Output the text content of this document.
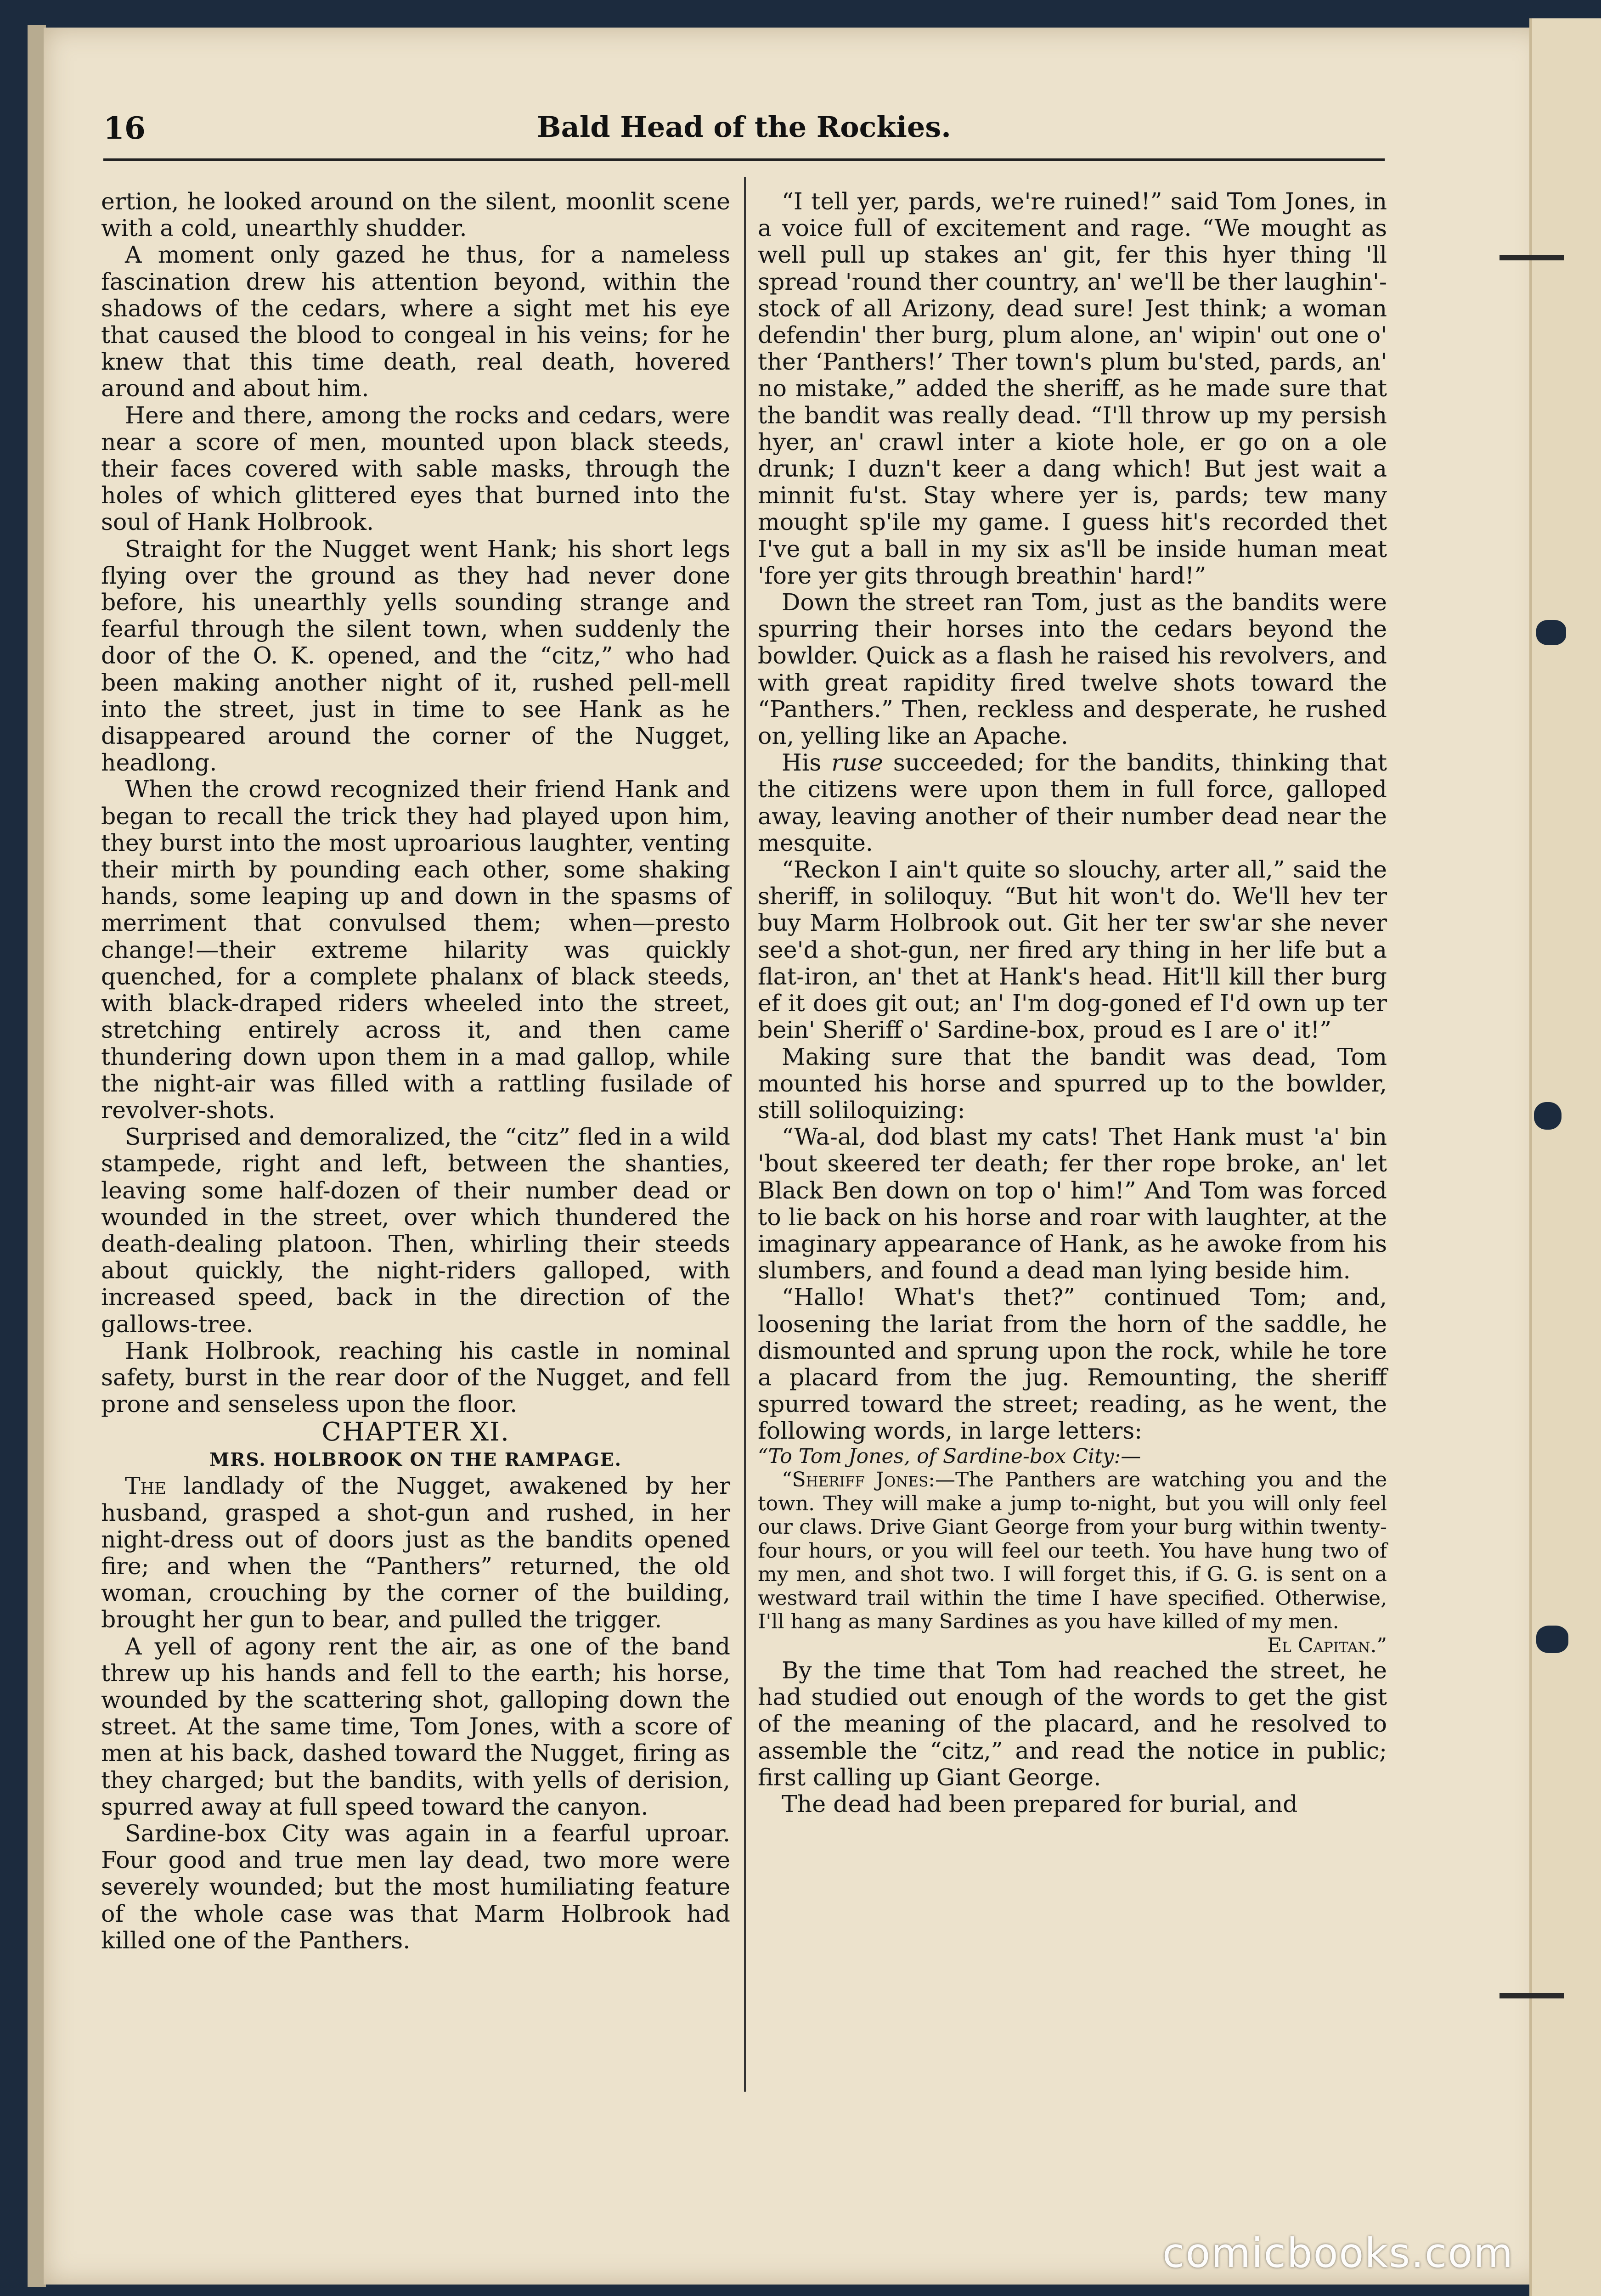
16	Bald Head of the Rockies.

ertion, he looked around on the silent, moonlit scene with a cold, unearthly shudder.

A moment only gazed he thus, for a nameless fascination drew his attention beyond, within the shadows of the cedars, where a sight met his eye that caused the blood to congeal in his veins; for he knew that this time death, real death, hovered around and about him.

Here and there, among the rocks and cedars, were near a score of men, mounted upon black steeds, their faces covered with sable masks, through the holes of which glittered eyes that burned into the soul of Hank Holbrook.

Straight for the Nugget went Hank; his short legs flying over the ground as they had never done before, his unearthly yells sounding strange and fearful through the silent town, when suddenly the door of the O. K. opened, and the “citz,” who had been making another night of it, rushed pell-mell into the street, just in time to see Hank as he disappeared around the corner of the Nugget, headlong.

When the crowd recognized their friend Hank and began to recall the trick they had played upon him, they burst into the most uproarious laughter, venting their mirth by pounding each other, some shaking hands, some leaping up and down in the spasms of merriment that convulsed them; when—presto change!—their extreme hilarity was quickly quenched, for a complete phalanx of black steeds, with black-draped riders wheeled into the street, stretching entirely across it, and then came thundering down upon them in a mad gallop, while the night-air was filled with a rattling fusilade of revolver-shots.

Surprised and demoralized, the “citz” fled in a wild stampede, right and left, between the shanties, leaving some half-dozen of their number dead or wounded in the street, over which thundered the death-dealing platoon. Then, whirling their steeds about quickly, the night-riders galloped, with increased speed, back in the direction of the gallows-tree.

Hank Holbrook, reaching his castle in nominal safety, burst in the rear door of the Nugget, and fell prone and senseless upon the floor.

CHAPTER XI.

MRS. HOLBROOK ON THE RAMPAGE.

The landlady of the Nugget, awakened by her husband, grasped a shot-gun and rushed, in her night-dress out of doors just as the bandits opened fire; and when the “Panthers” returned, the old woman, crouching by the corner of the building, brought her gun to bear, and pulled the trigger.

A yell of agony rent the air, as one of the band threw up his hands and fell to the earth; his horse, wounded by the scattering shot, galloping down the street. At the same time, Tom Jones, with a score of men at his back, dashed toward the Nugget, firing as they charged; but the bandits, with yells of derision, spurred away at full speed toward the canyon.

Sardine-box City was again in a fearful uproar. Four good and true men lay dead, two more were severely wounded; but the most humiliating feature of the whole case was that Marm Holbrook had killed one of the Panthers.

“I tell yer, pards, we're ruined!” said Tom Jones, in a voice full of excitement and rage. “We mought as well pull up stakes an' git, fer this hyer thing 'll spread 'round ther country, an' we'll be ther laughin'-stock of all Arizony, dead sure! Jest think; a woman defendin' ther burg, plum alone, an' wipin' out one o' ther ‘Panthers!’ Ther town's plum bu'sted, pards, an' no mistake,” added the sheriff, as he made sure that the bandit was really dead. “I'll throw up my persish hyer, an' crawl inter a kiote hole, er go on a ole drunk; I duzn't keer a dang which! But jest wait a minnit fu'st. Stay where yer is, pards; tew many mought sp'ile my game. I guess hit's recorded thet I've gut a ball in my six as'll be inside human meat 'fore yer gits through breathin' hard!”

Down the street ran Tom, just as the bandits were spurring their horses into the cedars beyond the bowlder. Quick as a flash he raised his revolvers, and with great rapidity fired twelve shots toward the “Panthers.” Then, reckless and desperate, he rushed on, yelling like an Apache.

His ruse succeeded; for the bandits, thinking that the citizens were upon them in full force, galloped away, leaving another of their number dead near the mesquite.

“Reckon I ain't quite so slouchy, arter all,” said the sheriff, in soliloquy. “But hit won't do. We'll hev ter buy Marm Holbrook out. Git her ter sw'ar she never see'd a shot-gun, ner fired ary thing in her life but a flat-iron, an' thet at Hank's head. Hit'll kill ther burg ef it does git out; an' I'm dog-goned ef I'd own up ter bein' Sheriff o' Sardine-box, proud es I are o' it!”

Making sure that the bandit was dead, Tom mounted his horse and spurred up to the bowlder, still soliloquizing:

“Wa-al, dod blast my cats! Thet Hank must 'a' bin 'bout skeered ter death; fer ther rope broke, an' let Black Ben down on top o' him!” And Tom was forced to lie back on his horse and roar with laughter, at the imaginary appearance of Hank, as he awoke from his slumbers, and found a dead man lying beside him.

“Hallo! What's thet?” continued Tom; and, loosening the lariat from the horn of the saddle, he dismounted and sprung upon the rock, while he tore a placard from the jug. Remounting, the sheriff spurred toward the street; reading, as he went, the following words, in large letters:

“To Tom Jones, of Sardine-box City:—

“Sheriff Jones:—The Panthers are watching you and the town. They will make a jump to-night, but you will only feel our claws. Drive Giant George from your burg within twenty-four hours, or you will feel our teeth. You have hung two of my men, and shot two. I will forget this, if G. G. is sent on a westward trail within the time I have specified. Otherwise, I'll hang as many Sardines as you have killed of my men.
El Capitan.”

By the time that Tom had reached the street, he had studied out enough of the words to get the gist of the meaning of the placard, and he resolved to assemble the “citz,” and read the notice in public; first calling up Giant George.

The dead had been prepared for burial, and

comicbooks.com
